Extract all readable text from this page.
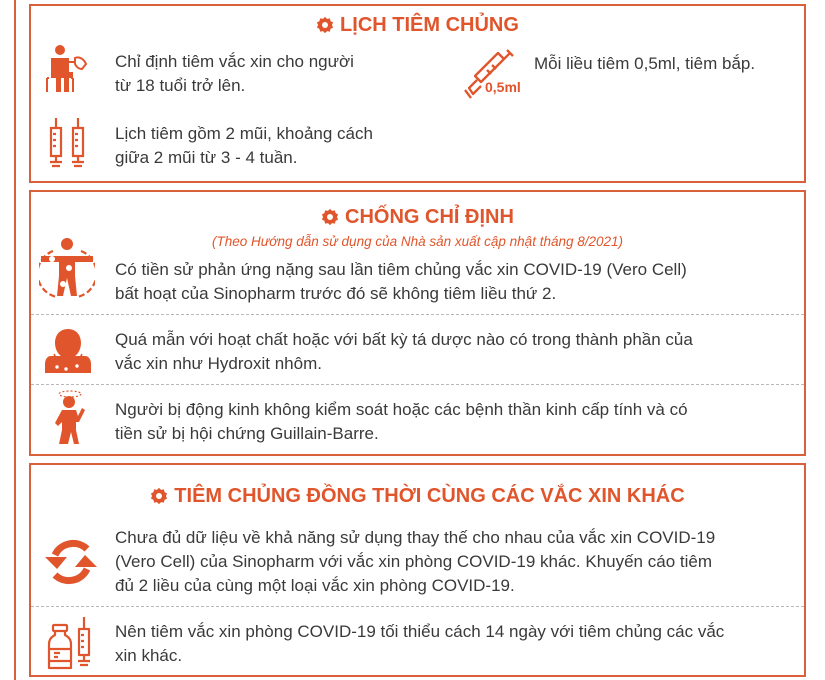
LỊCH TIÊM CHỦNG
Chỉ định tiêm vắc xin cho người
từ 18 tuổi trở lên.
Lịch tiêm gồm 2 mũi, khoảng cách
giữa 2 mũi từ 3 - 4 tuần.
0,5ml
Mỗi liều tiêm 0,5ml, tiêm bắp.
CHỐNG CHỈ ĐỊNH
(Theo Hướng dẫn sử dụng của Nhà sản xuất cập nhật tháng 8/2021)
Có tiền sử phản ứng nặng sau lần tiêm chủng vắc xin COVID-19 (Vero Cell)
bất hoạt của Sinopharm trước đó sẽ không tiêm liều thứ 2.
Quá mẫn với hoạt chất hoặc với bất kỳ tá dược nào có trong thành phần của
vắc xin như Hydroxit nhôm.
Người bị động kinh không kiểm soát hoặc các bệnh thần kinh cấp tính và có
tiền sử bị hội chứng Guillain-Barre.
TIÊM CHỦNG ĐỒNG THỜI CÙNG CÁC VẮC XIN KHÁC
Chưa đủ dữ liệu về khả năng sử dụng thay thế cho nhau của vắc xin COVID-19
(Vero Cell) của Sinopharm với vắc xin phòng COVID-19 khác. Khuyến cáo tiêm
đủ 2 liều của cùng một loại vắc xin phòng COVID-19.
Nên tiêm vắc xin phòng COVID-19 tối thiểu cách 14 ngày với tiêm chủng các vắc
xin khác.
